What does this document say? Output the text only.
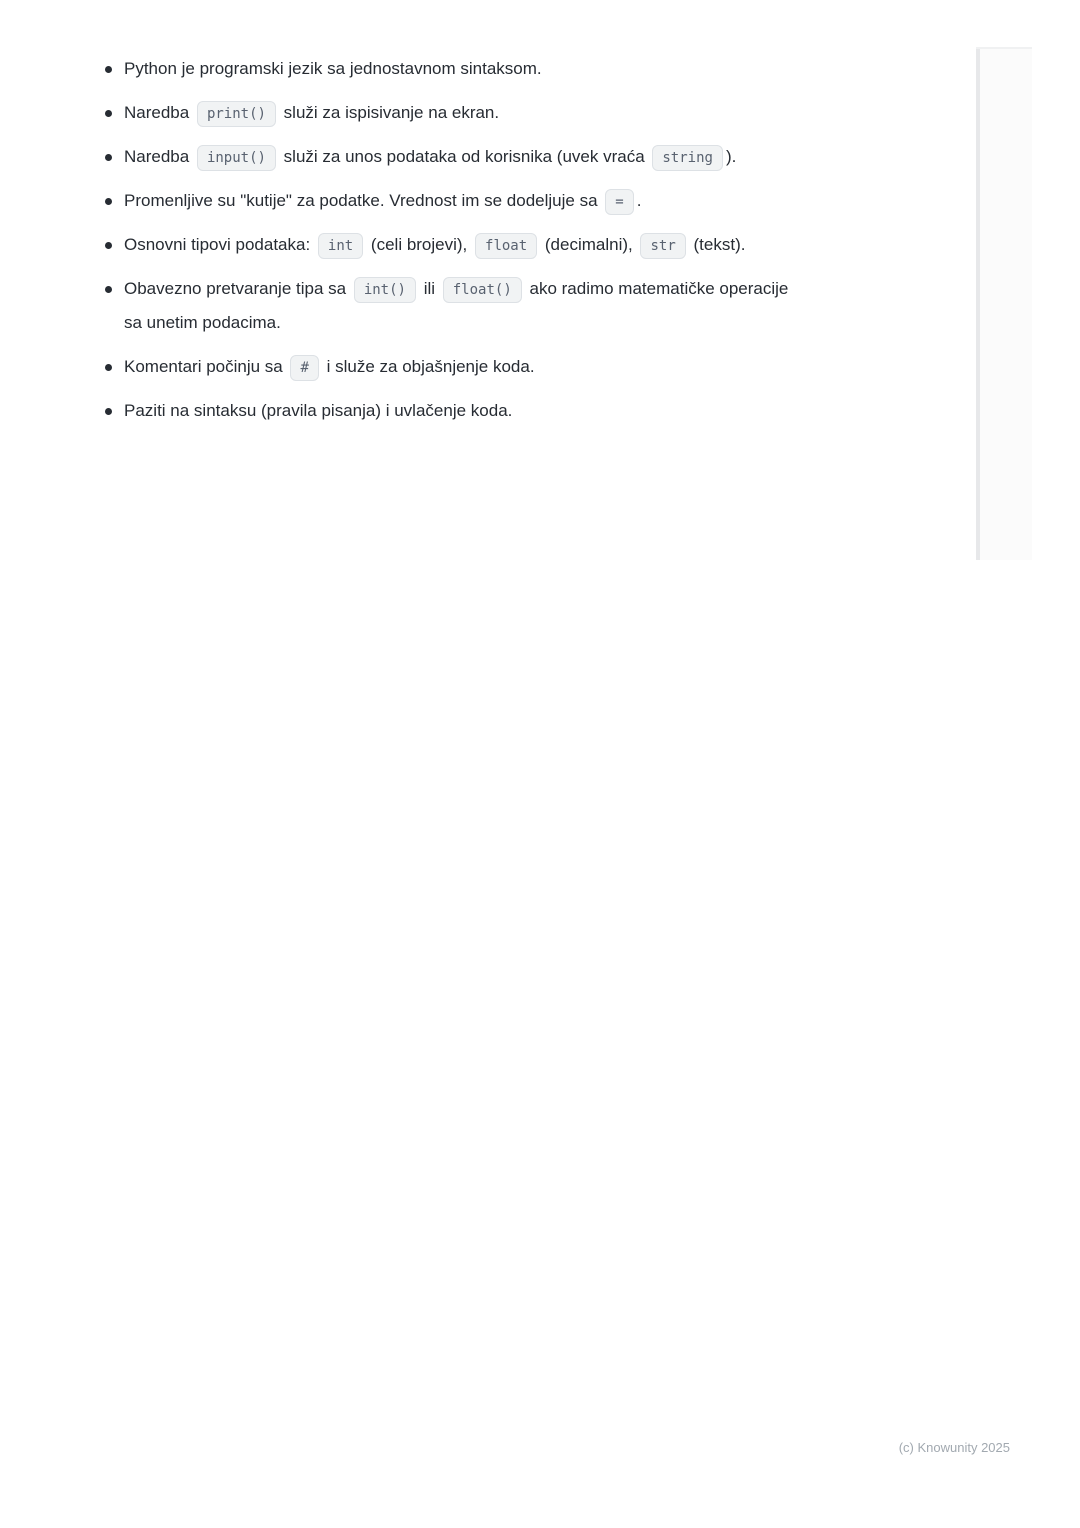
Python je programski jezik sa jednostavnom sintaksom.
Naredba print() služi za ispisivanje na ekran.
Naredba input() služi za unos podataka od korisnika (uvek vraća string ).
Promenljive su "kutije" za podatke. Vrednost im se dodeljuje sa = .
Osnovni tipovi podataka: int (celi brojevi), float (decimalni), str (tekst).
Obavezno pretvaranje tipa sa int() ili float() ako radimo matematičke operacije sa unetim podacima.
Komentari počinju sa # i služe za objašnjenje koda.
Paziti na sintaksu (pravila pisanja) i uvlačenje koda.
(c) Knowunity 2025
